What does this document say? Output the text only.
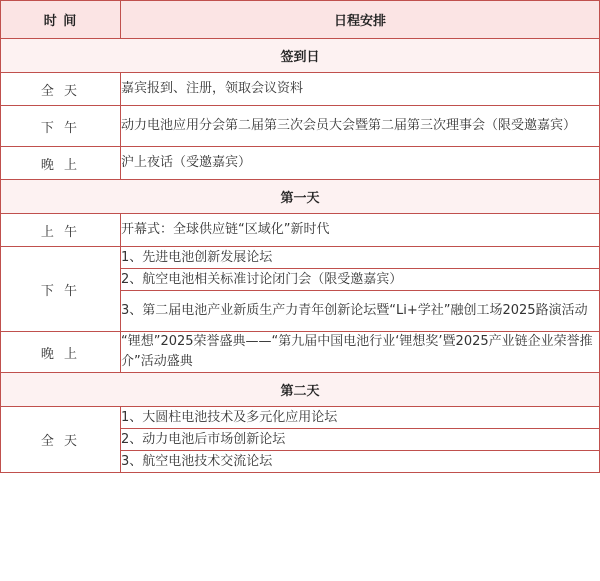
时 间	日程安排
签到日	
全 天	嘉宾报到、注册，领取会议资料
下 午	动力电池应用分会第二届第三次会员大会暨第二届第三次理事会（限受邀嘉宾）
晚 上	沪上夜话（受邀嘉宾）
第一天	
上 午	开幕式：全球供应链“区域化”新时代
下 午	1、先进电池创新发展论坛
	2、航空电池相关标准讨论闭门会（限受邀嘉宾）
	3、第二届电池产业新质生产力青年创新论坛暨“Li+学社”融创工场2025路演活动
晚 上	“锂想”2025荣誉盛典——“第九届中国电池行业‘锂想奖’暨2025产业链企业荣誉推介”活动盛典
第二天	
全 天	1、大圆柱电池技术及多元化应用论坛
	2、动力电池后市场创新论坛
	3、航空电池技术交流论坛
